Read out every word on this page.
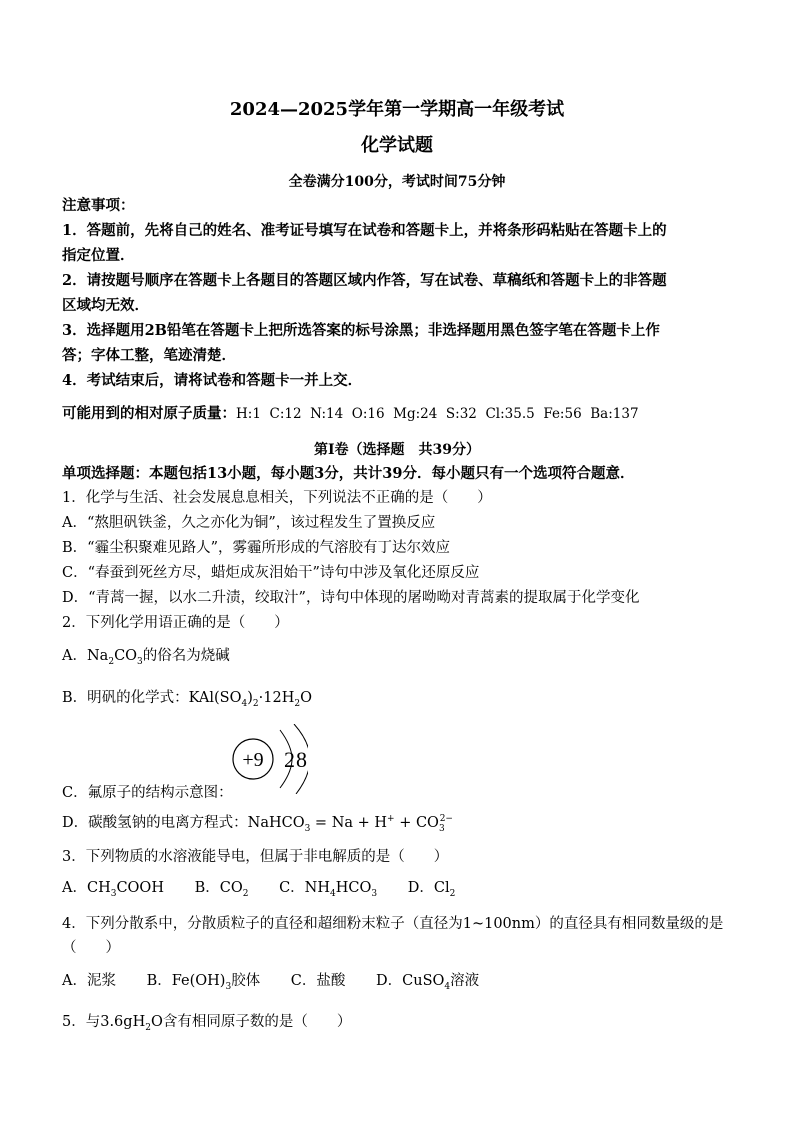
2024—2025学年第一学期高一年级考试
化学试题
全卷满分100分，考试时间75分钟
注意事项：
1．答题前，先将自己的姓名、准考证号填写在试卷和答题卡上，并将条形码粘贴在答题卡上的
指定位置．
2．请按题号顺序在答题卡上各题目的答题区域内作答，写在试卷、草稿纸和答题卡上的非答题
区域均无效．
3．选择题用2B铅笔在答题卡上把所选答案的标号涂黑；非选择题用黑色签字笔在答题卡上作
答；字体工整，笔迹清楚．
4．考试结束后，请将试卷和答题卡一并上交．
可能用到的相对原子质量：H:1  C:12  N:14  O:16  Mg:24  S:32  Cl:35.5  Fe:56  Ba:137
第Ⅰ卷（选择题　共39分）
单项选择题：本题包括13小题，每小题3分，共计39分．每小题只有一个选项符合题意．
1．化学与生活、社会发展息息相关，下列说法不正确的是（　　）
A．“熬胆矾铁釜，久之亦化为铜”，该过程发生了置换反应
B．“霾尘积聚难见路人”，雾霾所形成的气溶胶有丁达尔效应
C．“春蚕到死丝方尽，蜡炬成灰泪始干”诗句中涉及氧化还原反应
D．“青蒿一握，以水二升渍，绞取汁”，诗句中体现的屠呦呦对青蒿素的提取属于化学变化
2．下列化学用语正确的是（　　）
A．$Na_2CO_3$的俗名为烧碱
B．明矾的化学式：$KAl(SO_4)_2\cdot 12H_2O$
+9 2 8
C．氟原子的结构示意图：
D．碳酸氢钠的电离方程式：NaHCO$_3$ = $Na + H^+ + CO_3^{2-}$
3．下列物质的水溶液能导电，但属于非电解质的是（　　）
A．$CH_3COOH$ B．$CO_2$ C．$NH_4HCO_3$ D．$Cl_2$
4．下列分散系中，分散质粒子的直径和超细粉末粒子（直径为1~100nm）的直径具有相同数量级的是
（　　）
A．泥浆 B．$Fe(OH)_3$胶体 C．盐酸 D．CuSO$_4$溶液
5．与$3.6gH_2O$含有相同原子数的是（　　）
